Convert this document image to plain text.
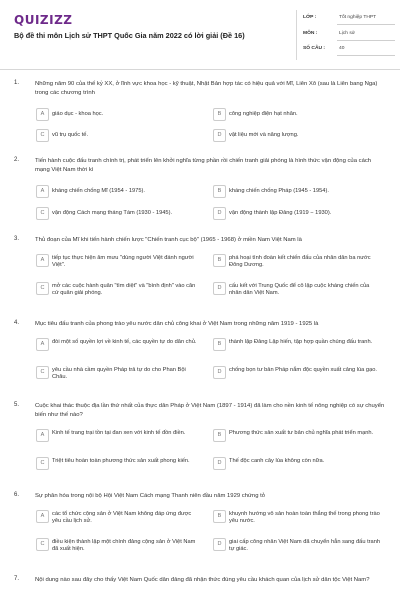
QUIZIZZ
Bộ đề thi môn Lịch sử THPT Quốc Gia năm 2022 có lời giải (Đề 16)
LỚP :	Tốt nghiệp THPT
MÔN :	Lịch sử
SỐ CÂU :	40
1.	Những năm 90 của thế kỷ XX, ở lĩnh vực khoa học - kỹ thuật, Nhật Bản hợp tác có hiệu quả với Mĩ, Liên Xô (sau là Liên bang Nga) trong các chương trình
A	giáo dục - khoa học.	B	công nghiệp điện hạt nhân.
C	vũ trụ quốc tế.	D	vật liệu mới và năng lượng.
2.	Tiến hành cuộc đấu tranh chính trị, phát triển lên khởi nghĩa từng phần rồi chiến tranh giải phóng là hình thức vận động của cách mạng Việt Nam thời kì
A	kháng chiến chống Mĩ (1954 - 1975).	B	kháng chiến chống Pháp (1945 - 1954).
C	vận động Cách mạng tháng Tám (1930 - 1945).	D	vận động thành lập Đảng (1919 − 1930).
3.	Thủ đoạn của Mĩ khi tiến hành chiến lược "Chiến tranh cục bộ" (1965 - 1968) ở miền Nam Việt Nam là
A	tiếp tục thực hiện âm mưu "dùng người Việt đánh người Việt".
B	phá hoại tình đoàn kết chiến đấu của nhân dân ba nước Đông Dương.
C	mở các cuộc hành quân "tìm diệt" và "bình định" vào căn cứ quân giải phóng.
D	cấu kết với Trung Quốc để cô lập cuộc kháng chiến của nhân dân Việt Nam.
4.	Mục tiêu đấu tranh của phong trào yêu nước dân chủ công khai ở Việt Nam trong những năm 1919 - 1925 là
A	đòi một số quyền lợi về kinh tế, các quyền tự do dân chủ.	B	thành lập Đảng Lập hiến, tập hợp quần chúng đấu tranh.
C	yêu cầu nhà cầm quyền Pháp trả tự do cho Phan Bội Châu.
D	chống bọn tư bản Pháp nắm độc quyền xuất cảng lúa gạo.
5.	Cuộc khai thác thuộc địa lần thứ nhất của thực dân Pháp ở Việt Nam (1897 - 1914) đã làm cho nền kinh tế nông nghiệp có sự chuyển biến như thế nào?
A	Kinh tế trang trại tồn tại đan xen với kinh tế đồn điền.	B	Phương thức sản xuất tư bản chủ nghĩa phát triển mạnh.
C	Triệt tiêu hoàn toàn phương thức sản xuất phong kiến.	D	Thế độc canh cây lúa không còn nữa.
6.	Sự phân hóa trong nội bộ Hội Việt Nam Cách mạng Thanh niên đầu năm 1929 chứng tỏ
A	các tổ chức cộng sản ở Việt Nam không đáp ứng được yêu cầu lịch sử.
B	khuynh hướng vô sản hoàn toàn thắng thế trong phong trào yêu nước.
C	điều kiện thành lập một chính đảng cộng sản ở Việt Nam đã xuất hiện.
D	giai cấp công nhân Việt Nam đã chuyển hẳn sang đấu tranh tự giác.
7.	Nội dung nào sau đây cho thấy Việt Nam Quốc dân đảng đã nhận thức đúng yêu cầu khách quan của lịch sử dân tộc Việt Nam?
